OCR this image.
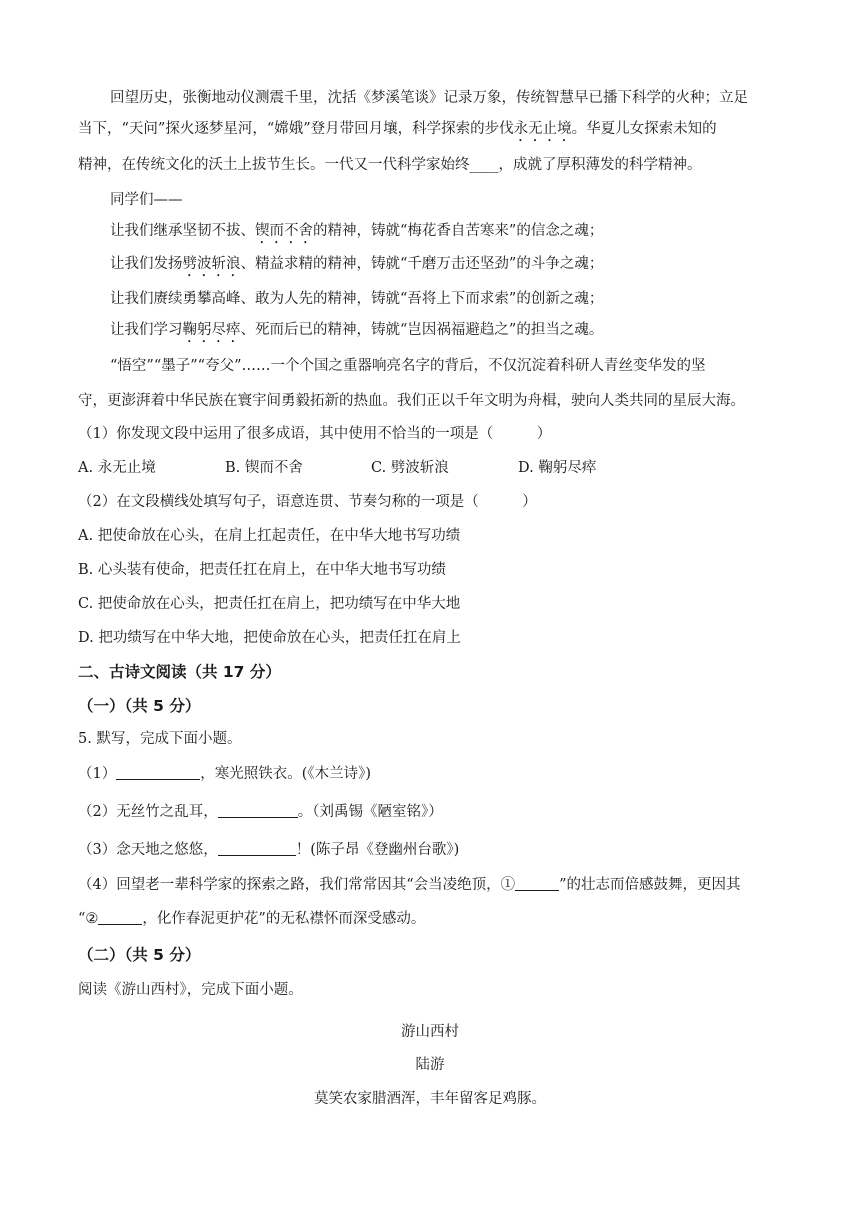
回望历史，张衡地动仪测震千里，沈括《梦溪笔谈》记录万象，传统智慧早已播下科学的火种；立足
当下，“天问”探火逐梦星河，“嫦娥”登月带回月壤，科学探索的步伐永无止境。华夏儿女探索未知的
精神，在传统文化的沃土上拔节生长。一代又一代科学家始终____，成就了厚积薄发的科学精神。
同学们——
让我们继承坚韧不拔、锲而不舍的精神，铸就“梅花香自苦寒来”的信念之魂；
让我们发扬劈波斩浪、精益求精的精神，铸就“千磨万击还坚劲”的斗争之魂；
让我们赓续勇攀高峰、敢为人先的精神，铸就“吾将上下而求索”的创新之魂；
让我们学习鞠躬尽瘁、死而后已的精神，铸就“岂因祸福避趋之”的担当之魂。
“悟空”“墨子”“夸父”……一个个国之重器响亮名字的背后，不仅沉淀着科研人青丝变华发的坚
守，更澎湃着中华民族在寰宇间勇毅拓新的热血。我们正以千年文明为舟楫，驶向人类共同的星辰大海。
（1）你发现文段中运用了很多成语，其中使用不恰当的一项是（　　　）
A. 永无止境	B. 锲而不舍	C. 劈波斩浪	D. 鞠躬尽瘁
（2）在文段横线处填写句子，语意连贯、节奏匀称的一项是（　　　）
A. 把使命放在心头，在肩上扛起责任，在中华大地书写功绩
B. 心头装有使命，把责任扛在肩上，在中华大地书写功绩
C. 把使命放在心头，把责任扛在肩上，把功绩写在中华大地
D. 把功绩写在中华大地，把使命放在心头，把责任扛在肩上
二、古诗文阅读（共 17 分）
（一）（共 5 分）
5. 默写，完成下面小题。
（1）	，寒光照铁衣。(《木兰诗》)
（2）无丝竹之乱耳，	。（刘禹锡《陋室铭》）
（3）念天地之悠悠，	！(陈子昂《登幽州台歌》)
（4）回望老一辈科学家的探索之路，我们常常因其“会当凌绝顶，①	”的壮志而倍感鼓舞，更因其
“②	，化作春泥更护花”的无私襟怀而深受感动。
（二）（共 5 分）
阅读《游山西村》，完成下面小题。
游山西村
陆游
莫笑农家腊酒浑，丰年留客足鸡豚。
